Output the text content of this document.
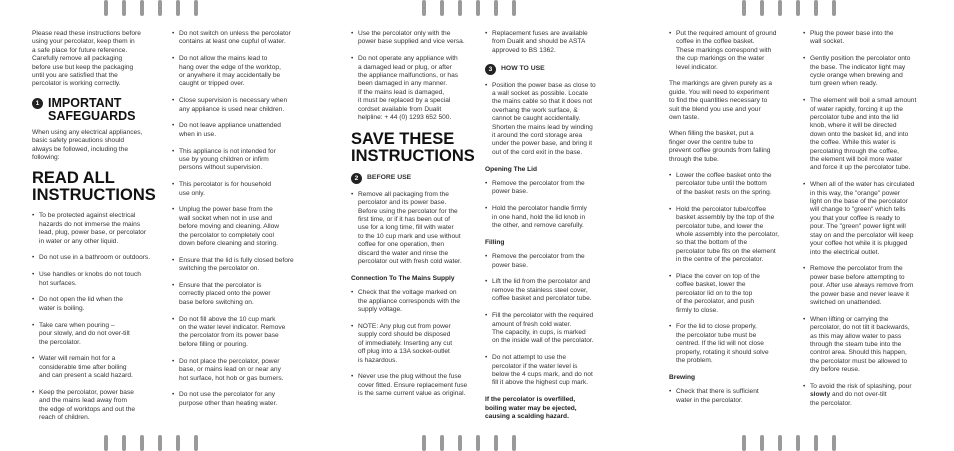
Please read these instructions before
using your percolator, keep them in
a safe place for future reference.
Carefully remove all packaging
before use but keep the packaging
until you are satisfied that the
percolator is working correctly.

1 IMPORTANT
SAFEGUARDS

When using any electrical appliances,
basic safety precautions should
always be followed, including the
following:

READ ALL
INSTRUCTIONS
• To be protected against electrical
hazards do not immerse the mains
lead, plug, power base, or percolator
in water or any other liquid.
• Do not use in a bathroom or outdoors.
• Use handles or knobs do not touch
hot surfaces.
• Do not open the lid when the
water is boiling.
• Take care when pouring –
pour slowly, and do not over-tilt
the percolator.
• Water will remain hot for a
considerable time after boiling
and can present a scald hazard.
• Keep the percolator, power base
and the mains lead away from
the edge of worktops and out the
reach of children.
• Do not switch on unless the percolator
contains at least one cupful of water.
• Do not allow the mains lead to
hang over the edge of the worktop,
or anywhere it may accidentally be
caught or tripped over.
• Close supervision is necessary when
any appliance is used near children.
• Do not leave appliance unattended
when in use.
• This appliance is not intended for
use by young children or infirm
persons without supervision.
• This percolator is for household
use only.
• Unplug the power base from the
wall socket when not in use and
before moving and cleaning. Allow
the percolator to completely cool
down before cleaning and storing.
• Ensure that the lid is fully closed before
switching the percolator on.
• Ensure that the percolator is
correctly placed onto the power
base before switching on.
• Do not fill above the 10 cup mark
on the water level indicator. Remove
the percolator from its power base
before filling or pouring.
• Do not place the percolator, power
base, or mains lead on or near any
hot surface, hot hob or gas burners.
• Do not use the percolator for any
purpose other than heating water.
• Use the percolator only with the
power base supplied and vice versa.
• Do not operate any appliance with
a damaged lead or plug, or after
the appliance malfunctions, or has
been damaged in any manner.
If the mains lead is damaged,
it must be replaced by a special
cordset available from Dualit
helpline: + 44 (0) 1293 652 500.
SAVE THESE
INSTRUCTIONS
2 BEFORE USE
• Remove all packaging from the
percolator and its power base.
Before using the percolator for the
first time, or if it has been out of
use for a long time, fill with water
to the 10 cup mark and use without
coffee for one operation, then
discard the water and rinse the
percolator out with fresh cold water.
Connection To The Mains Supply
• Check that the voltage marked on
the appliance corresponds with the
supply voltage.
• NOTE: Any plug cut from power
supply cord should be disposed
of immediately. Inserting any cut
off plug into a 13A socket-outlet
is hazardous.
• Never use the plug without the fuse
cover fitted. Ensure replacement fuse
is the same current value as original.
• Replacement fuses are available
from Dualit and should be ASTA
approved to BS 1362.
3 HOW TO USE
• Position the power base as close to
a wall socket as possible. Locate
the mains cable so that it does not
overhang the work surface, &
cannot be caught accidentally.
Shorten the mains lead by winding
it around the cord storage area
under the power base, and bring it
out of the cord exit in the base.
Opening The Lid
• Remove the percolator from the
power base.
• Hold the percolator handle firmly
in one hand, hold the lid knob in
the other, and remove carefully.
Filling
• Remove the percolator from the
power base.
• Lift the lid from the percolator and
remove the stainless steel cover,
coffee basket and percolator tube.
• Fill the percolator with the required
amount of fresh cold water.
The capacity, in cups, is marked
on the inside wall of the percolator.
• Do not attempt to use the
percolator if the water level is
below the 4 cups mark, and do not
fill it above the highest cup mark.
If the percolator is overfilled,
boiling water may be ejected,
causing a scalding hazard.
• Put the required amount of ground
coffee in the coffee basket.
These markings correspond with
the cup markings on the water
level indicator.

The markings are given purely as a
guide. You will need to experiment
to find the quantities necessary to
suit the blend you use and your
own taste.

When filling the basket, put a
finger over the centre tube to
prevent coffee grounds from falling
through the tube.

• Lower the coffee basket onto the
percolator tube until the bottom
of the basket rests on the spring.
• Hold the percolator tube/coffee
basket assembly by the top of the
percolator tube, and lower the
whole assembly into the percolator,
so that the bottom of the
percolator tube fits on the element
in the centre of the percolator.
• Place the cover on top of the
coffee basket, lower the
percolator lid on to the top
of the percolator, and push
firmly to close.
• For the lid to close properly,
the percolator tube must be
centred. If the lid will not close
properly, rotating it should solve
the problem.
Brewing
• Check that there is sufficient
water in the percolator.
• Plug the power base into the
wall socket.
• Gently position the percolator onto
the base. The indicator light may
cycle orange when brewing and
turn green when ready.
• The element will boil a small amount
of water rapidly, forcing it up the
percolator tube and into the lid
knob, where it will be directed
down onto the basket lid, and into
the coffee. While this water is
percolating through the coffee,
the element will boil more water
and force it up the percolator tube.
• When all of the water has circulated
in this way, the "orange" power
light on the base of the percolator
will change to "green" which tells
you that your coffee is ready to
pour. The "green" power light will
stay on and the percolator will keep
your coffee hot while it is plugged
into the electrical outlet.
• Remove the percolator from the
power base before attempting to
pour. After use always remove from
the power base and never leave it
switched on unattended.
• When lifting or carrying the
percolator, do not tilt it backwards,
as this may allow water to pass
through the steam tube into the
control area. Should this happen,
the percolator must be allowed to
dry before reuse.
• To avoid the risk of splashing, pour
slowly and do not over-tilt
the percolator.
